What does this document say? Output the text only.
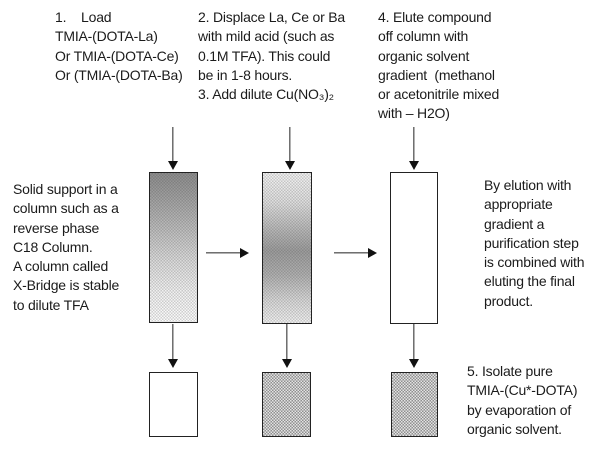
1.    Load
TMIA-(DOTA-La)
Or TMIA-(DOTA-Ce)
Or (TMIA-(DOTA-Ba)
2. Displace La, Ce or Ba
with mild acid (such as
0.1M TFA). This could
be in 1-8 hours.
3. Add dilute Cu(NO₃)₂
4. Elute compound
off column with
organic solvent
gradient  (methanol
or acetonitrile mixed
with – H2O)
Solid support in a
column such as a
reverse phase
C18 Column.
A column called
X-Bridge is stable
to dilute TFA
By elution with
appropriate
gradient a
purification step
is combined with
eluting the final
product.
5. Isolate pure
TMIA-(Cu*-DOTA)
by evaporation of
organic solvent.
